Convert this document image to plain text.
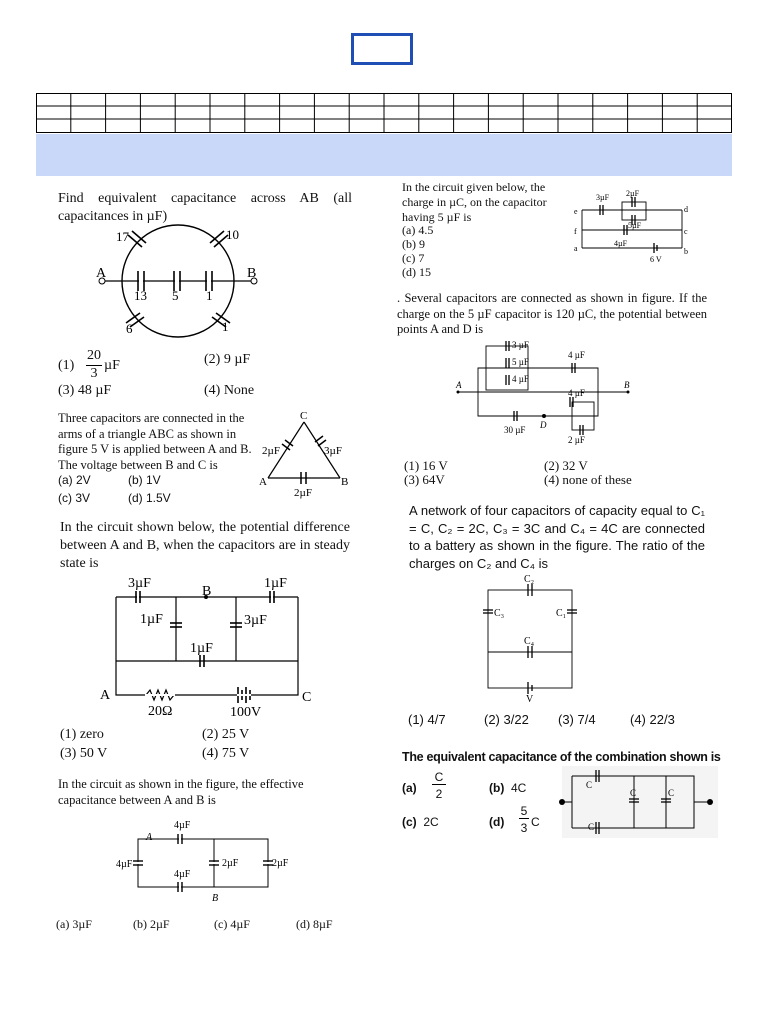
Find equivalent capacitance across AB (all capacitances in µF)
17	10
6	1
13 5 1
A	B
(1)
20
3
µF	(2) 9 µF
(3) 48 µF	(4) None
Three capacitors are connected in the arms of a triangle ABC as shown in figure 5 V is applied between A and B. The voltage between B and C is
C
A	B
2µF	3µF
2µF
(a) 2V	(b) 1V
(c) 3V	(d) 1.5V
In the circuit shown below, the potential difference between A and B, when the capacitors are in steady state is
3µF
B
1µF
1µF	3µF
1µF
A
20Ω	100V
C
(1) zero	(2) 25 V
(3) 50 V	(4) 75 V
In the circuit as shown in the figure, the effective capacitance between A and B is
4µF
A
4µF
4µF
2µF	2µF
B
(a) 3µF	(b) 2µF	(c) 4µF	(d) 8µF
In the circuit given below, the charge in µC, on the capacitor having 5 µF is
3µF 2µF
5µF
4µF
6 V
e
f
a
d
c
b
(a) 4.5
(b) 9
(c) 7
(d) 15
. Several capacitors are connected as shown in figure. If the charge on the 5 µF capacitor is 120 µC, the potential between points A and D is
3 µF
5 µF
4 µF
4 µF
4 µF
30 µF D
2 µF
A	B
(1) 16 V	(2) 32 V
(3) 64V	(4) none of these
A network of four capacitors of capacity equal to C₁ = C, C₂ = 2C, C₃ = 3C and C₄ = 4C are connected to a battery as shown in the figure. The ratio of the charges on C₂ and C₄ is
C₂
C₃	C₁
C₄
V
(1) 4/7	(2) 3/22 (3) 7/4	(4) 22/3
The equivalent capacitance of the combination shown is
(a)
C
2	(b) 4C
(c) 2C	(d)
5
3 C
C
C	C
C
